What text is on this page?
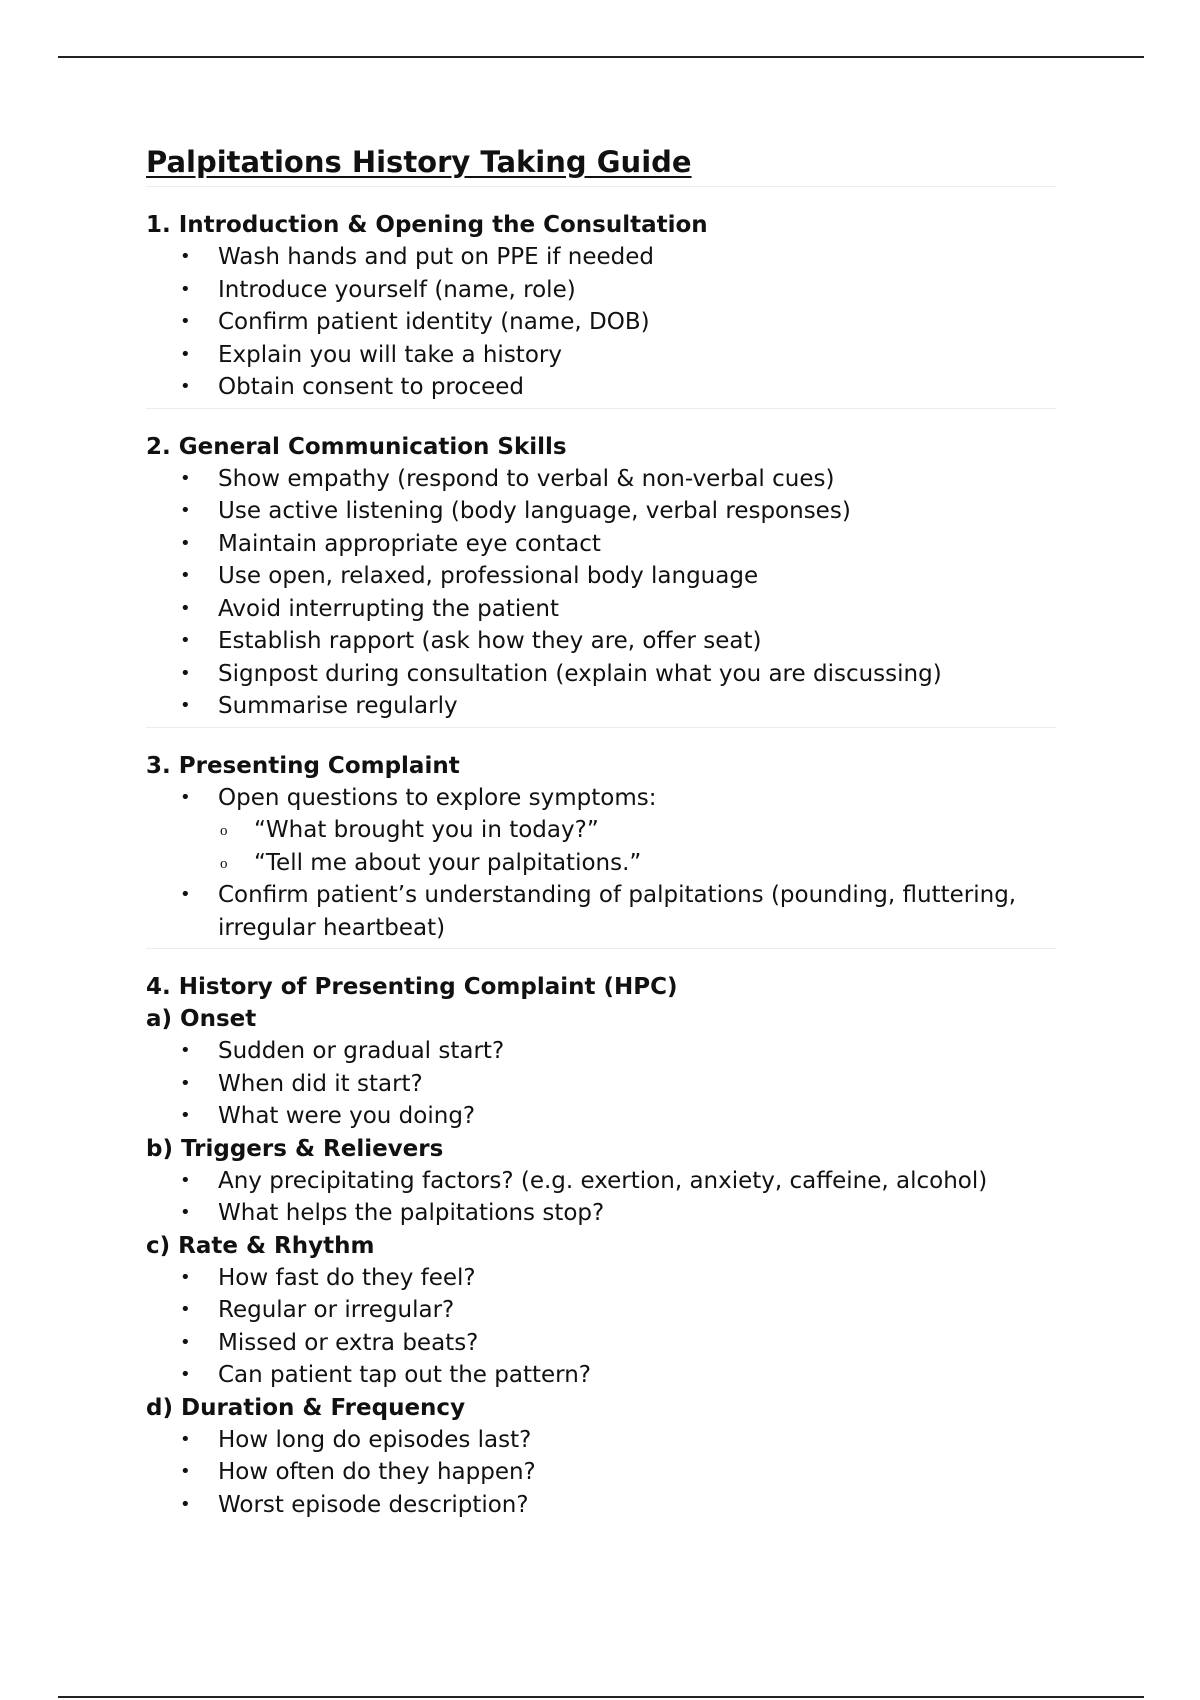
Palpitations History Taking Guide
1. Introduction & Opening the Consultation
• Wash hands and put on PPE if needed
• Introduce yourself (name, role)
• Confirm patient identity (name, DOB)
• Explain you will take a history
• Obtain consent to proceed
2. General Communication Skills
• Show empathy (respond to verbal & non-verbal cues)
• Use active listening (body language, verbal responses)
• Maintain appropriate eye contact
• Use open, relaxed, professional body language
• Avoid interrupting the patient
• Establish rapport (ask how they are, offer seat)
• Signpost during consultation (explain what you are discussing)
• Summarise regularly
3. Presenting Complaint
• Open questions to explore symptoms:
o “What brought you in today?”
o “Tell me about your palpitations.”
• Confirm patient’s understanding of palpitations (pounding, fluttering, irregular heartbeat)
4. History of Presenting Complaint (HPC)
a) Onset
• Sudden or gradual start?
• When did it start?
• What were you doing?
b) Triggers & Relievers
• Any precipitating factors? (e.g. exertion, anxiety, caffeine, alcohol)
• What helps the palpitations stop?
c) Rate & Rhythm
• How fast do they feel?
• Regular or irregular?
• Missed or extra beats?
• Can patient tap out the pattern?
d) Duration & Frequency
• How long do episodes last?
• How often do they happen?
• Worst episode description?
